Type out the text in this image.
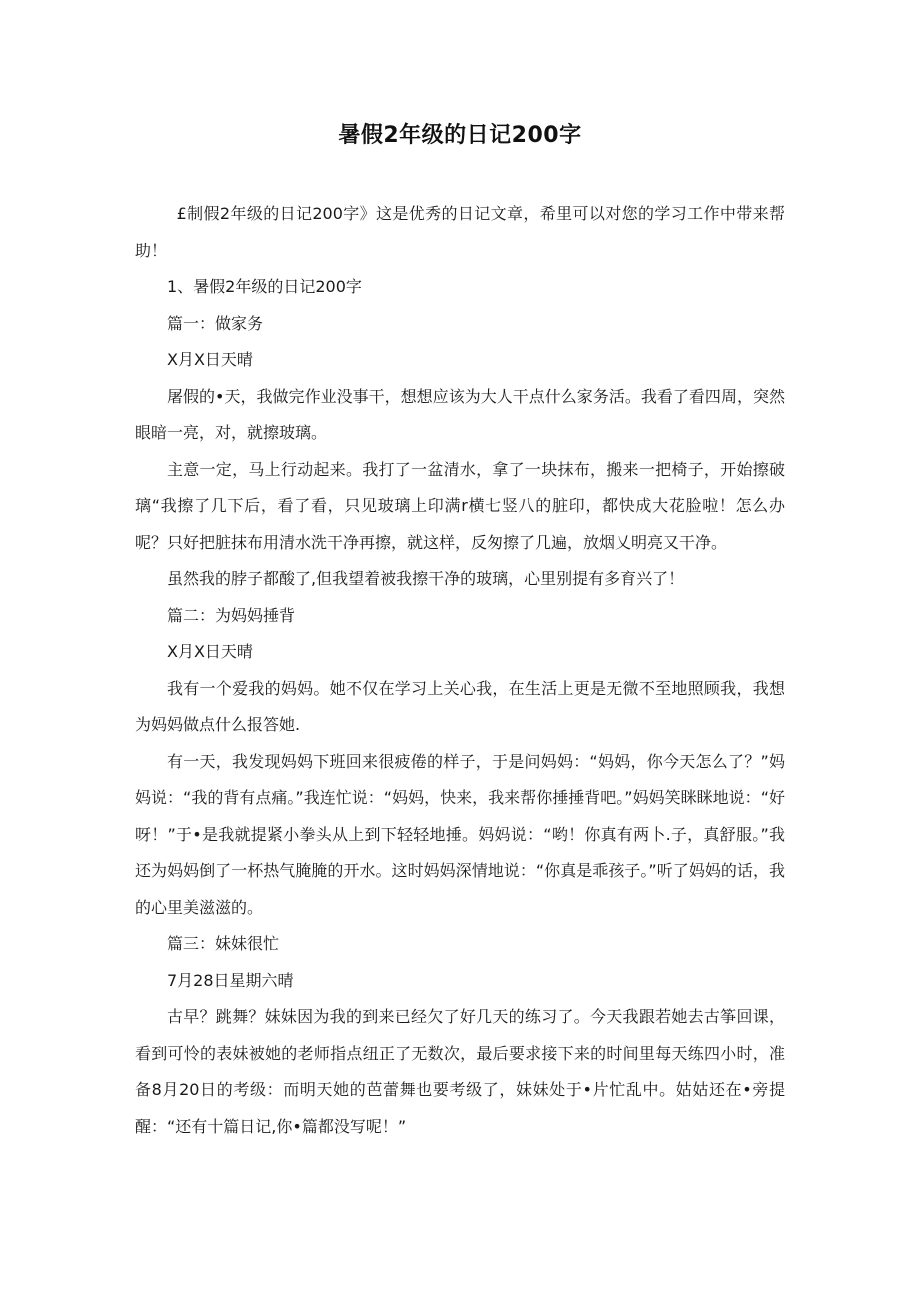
暑假2年级的日记200字

£制假2年级的日记200字》这是优秀的日记文章，希里可以对您的学习工作中带来帮助！

1、暑假2年级的日记200字

篇一：做家务

X月X日天晴

屠假的•天，我做完作业没事干，想想应该为大人干点什么家务活。我看了看四周，突然眼暗一亮，对，就擦玻璃。

主意一定，马上行动起来。我打了一盆清水，拿了一块抹布，搬来一把椅子，开始擦破璃“我擦了几下后，看了看，只见玻璃上印满r横七竖八的脏印，都快成大花脸啦！怎么办呢？只好把脏抹布用清水洗干净再擦，就这样，反匆擦了几遍，放烟乂明亮又干净。

虽然我的脖子都酸了,但我望着被我擦干净的玻璃，心里别提有多育兴了！

篇二：为妈妈捶背

X月X日天晴

我有一个爱我的妈妈。她不仅在学习上关心我，在生活上更是无微不至地照顾我，我想为妈妈做点什么报答她.

有一天，我发现妈妈下班回来很疲倦的样子，于是问妈妈：“妈妈，你今天怎么了？”妈妈说：“我的背有点痛。”我连忙说：“妈妈，快来，我来帮你捶捶背吧。”妈妈笑眯眯地说：“好呀！”于•是我就提紧小拳头从上到下轻轻地捶。妈妈说：“哟！你真有两卜.子，真舒服。”我还为妈妈倒了一杯热气腌腌的开水。这时妈妈深情地说：“你真是乖孩子。”听了妈妈的话，我的心里美滋滋的。

篇三：妹妹很忙

7月28日星期六晴

古早？跳舞？妹妹因为我的到来已经欠了好几天的练习了。今天我跟若她去古筝回课，看到可怜的表妹被她的老师指点纽正了无数次，最后要求接下来的时间里每天练四小时，准备8月20日的考级：而明天她的芭蕾舞也要考级了，妹妹处于•片忙乱中。姑姑还在•旁提醒：“还有十篇日记,你•篇都没写呢！”
